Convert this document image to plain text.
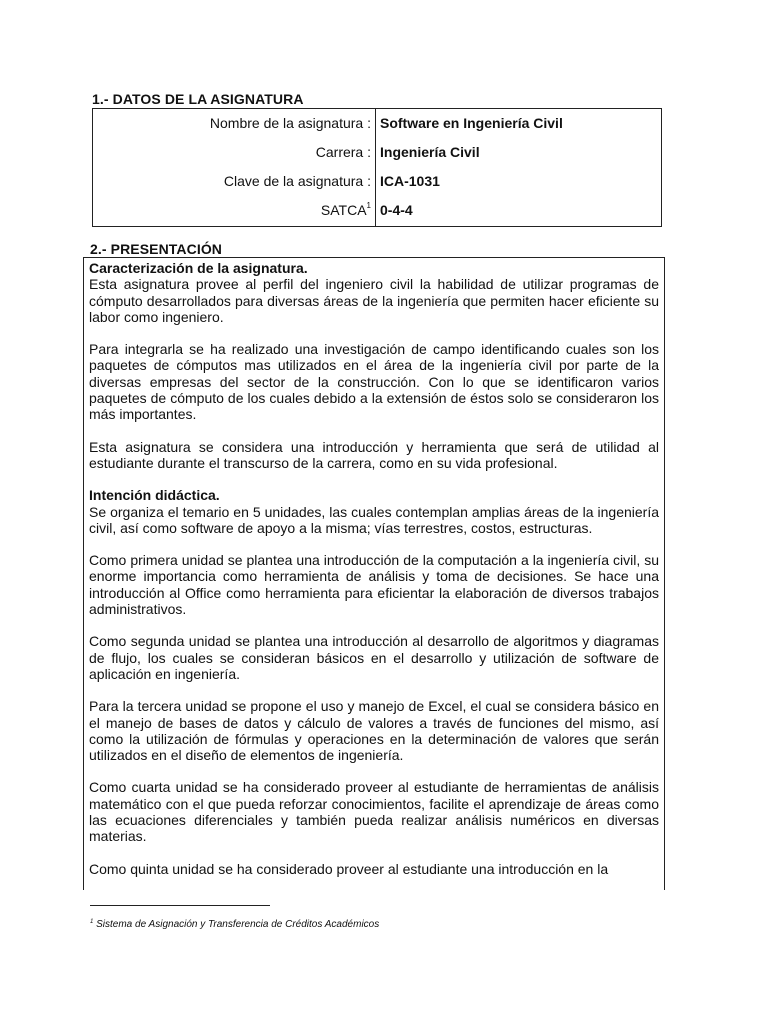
1.- DATOS DE LA ASIGNATURA
Nombre de la asignatura : Software en Ingeniería Civil
Carrera : Ingeniería Civil
Clave de la asignatura : ICA-1031
SATCA$^1$ 0-4-4
2.- PRESENTACIÓN
Caracterización de la asignatura.

Esta asignatura provee al perfil del ingeniero civil la habilidad de utilizar programas de cómputo desarrollados para diversas áreas de la ingeniería que permiten hacer eficiente su labor como ingeniero.

Para integrarla se ha realizado una investigación de campo identificando cuales son los paquetes de cómputos mas utilizados en el área de la ingeniería civil por parte de la diversas empresas del sector de la construcción. Con lo que se identificaron varios paquetes de cómputo de los cuales debido a la extensión de éstos solo se consideraron los más importantes.

Esta asignatura se considera una introducción y herramienta que será de utilidad al estudiante durante el transcurso de la carrera, como en su vida profesional.

Intención didáctica.

Se organiza el temario en 5 unidades, las cuales contemplan amplias áreas de la ingeniería civil, así como software de apoyo a la misma; vías terrestres, costos, estructuras.

Como primera unidad se plantea una introducción de la computación a la ingeniería civil, su enorme importancia como herramienta de análisis y toma de decisiones. Se hace una introducción al Office como herramienta para eficientar la elaboración de diversos trabajos administrativos.

Como segunda unidad se plantea una introducción al desarrollo de algoritmos y diagramas de flujo, los cuales se consideran básicos en el desarrollo y utilización de software de aplicación en ingeniería.

Para la tercera unidad se propone el uso y manejo de Excel, el cual se considera básico en el manejo de bases de datos y cálculo de valores a través de funciones del mismo, así como la utilización de fórmulas y operaciones en la determinación de valores que serán utilizados en el diseño de elementos de ingeniería.

Como cuarta unidad se ha considerado proveer al estudiante de herramientas de análisis matemático con el que pueda reforzar conocimientos, facilite el aprendizaje de áreas como las ecuaciones diferenciales y también pueda realizar análisis numéricos en diversas materias.

Como quinta unidad se ha considerado proveer al estudiante una introducción en la

$^1$ Sistema de Asignación y Transferencia de Créditos Académicos
